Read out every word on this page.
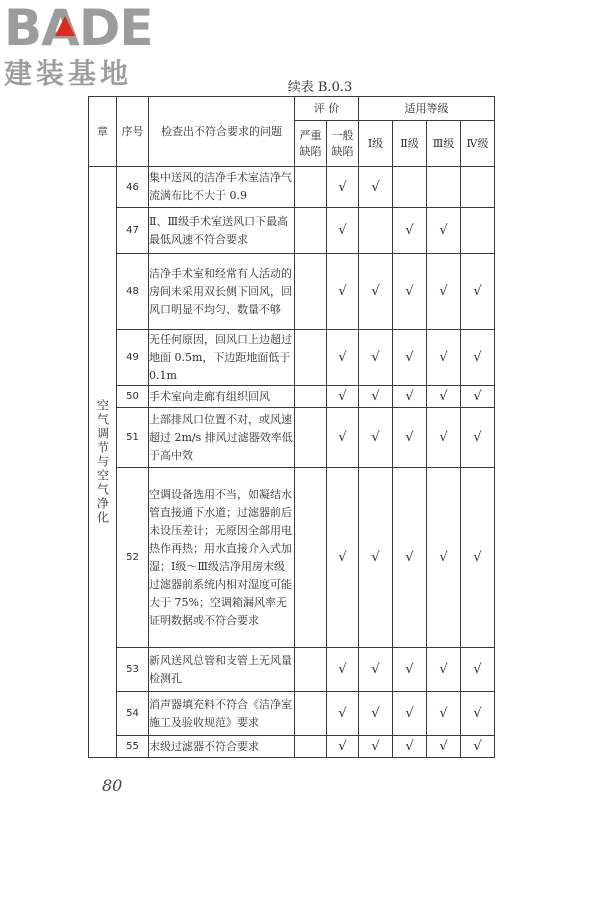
BADE
建装基地	续表 B.0.3
章	序号	检查出不符合要求的问题	评 价		适用等级			
			严重缺陷	一般缺陷	Ⅰ级	Ⅱ级	Ⅲ级	Ⅳ级
空气调节与空气净化	46	集中送风的洁净手术室洁净气流满布比不大于 0.9		√	√			
	47	Ⅱ、Ⅲ级手术室送风口下最高最低风速不符合要求		√		√	√	
	48	洁净手术室和经常有人活动的房间未采用双长侧下回风，回风口明显不均匀、数量不够		√	√	√	√	√
	49	无任何原因，回风口上边超过地面 0.5m，下边距地面低于 0.1m		√	√	√	√	√
	50	手术室向走廊有组织回风		√	√	√	√	√
	51	上部排风口位置不对，或风速超过 2m/s 排风过滤器效率低于高中效		√	√	√	√	√
	52	空调设备选用不当，如凝结水管直接通下水道；过滤器前后未设压差计；无原因全部用电热作再热；用水直接介入式加湿；Ⅰ级～Ⅲ级洁净用房末级过滤器前系统内相对湿度可能大于 75%；空调箱漏风率无证明数据或不符合要求		√	√	√	√	√
	53	新风送风总管和支管上无风量检测孔		√	√	√	√	√
	54	消声器填充料不符合《洁净室施工及验收规范》要求		√	√	√	√	√
	55	末级过滤器不符合要求		√	√	√	√	√
80
